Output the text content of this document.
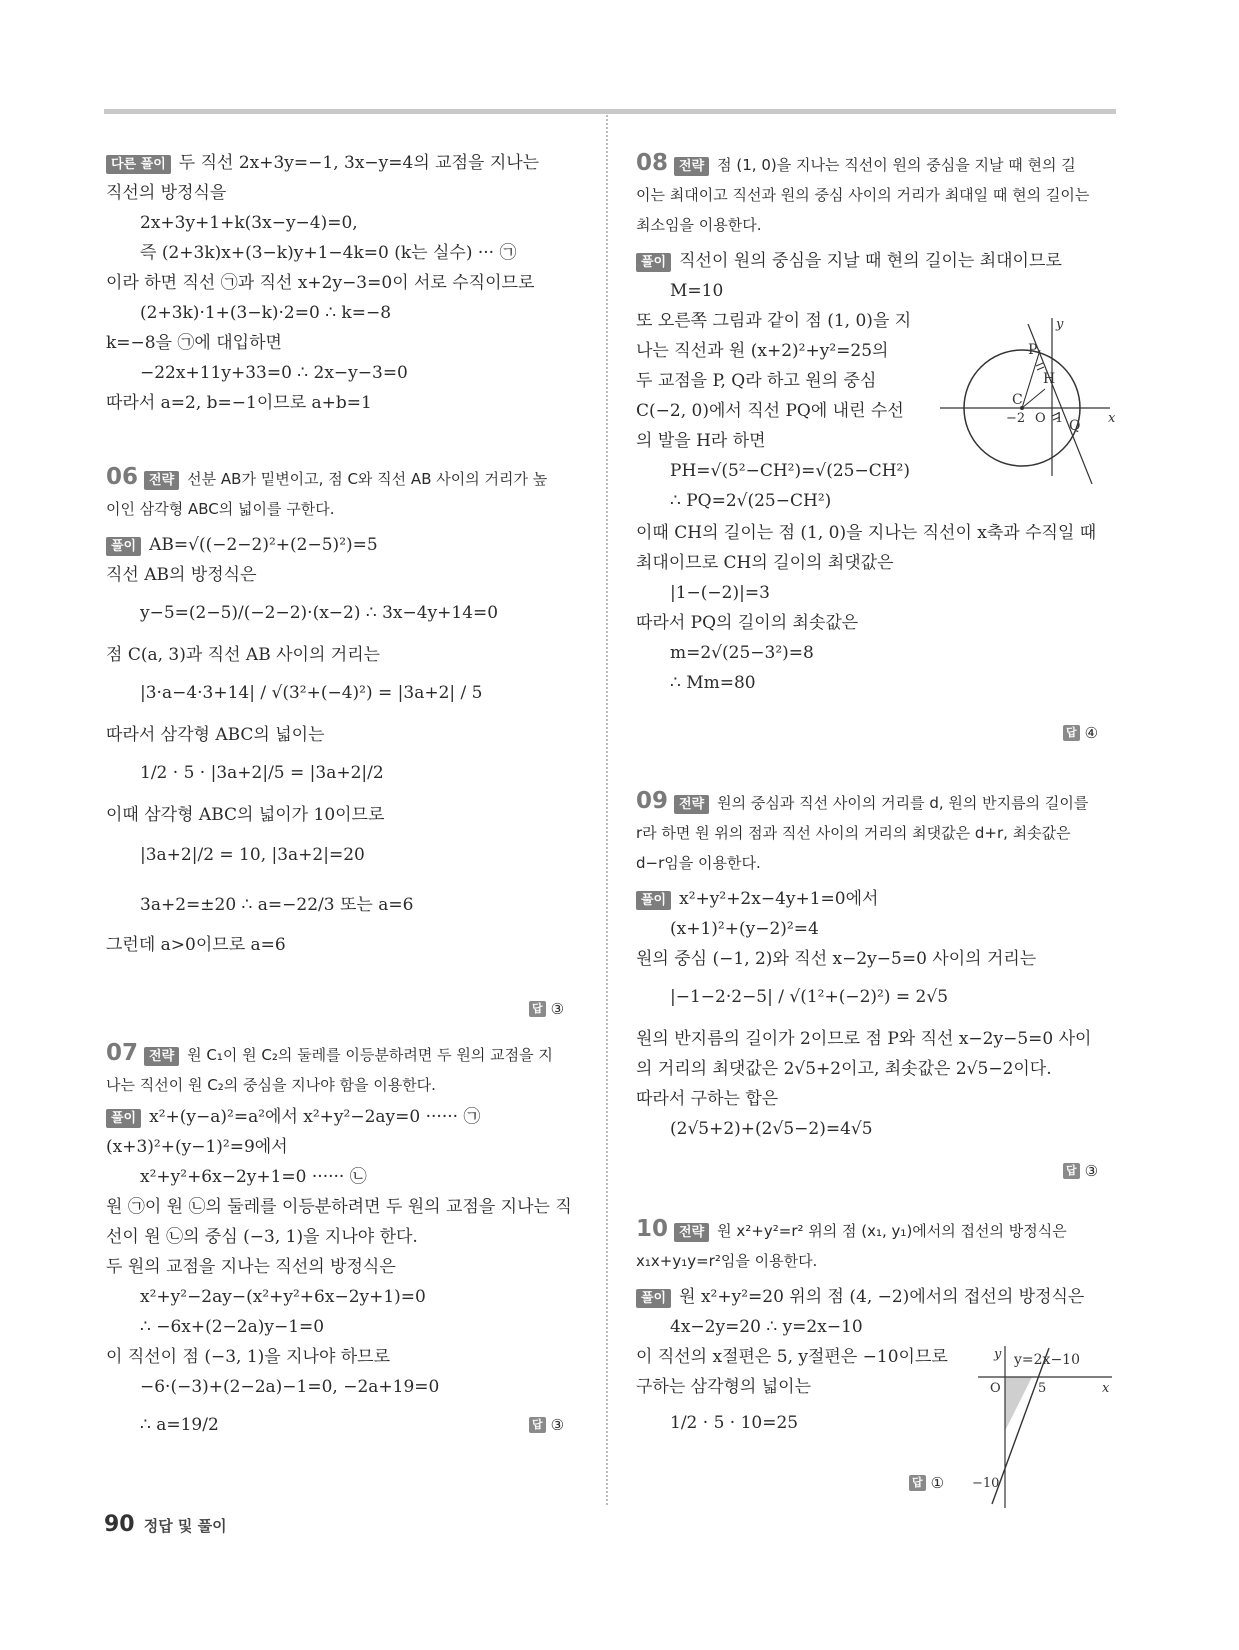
다른 풀이 두 직선 2x+3y=−1, 3x−y=4의 교점을 지나는
직선의 방정식을
2x+3y+1+k(3x−y−4)=0,
즉 (2+3k)x+(3−k)y+1−4k=0 (k는 실수) ··· ㉠
이라 하면 직선 ㉠과 직선 x+2y−3=0이 서로 수직이므로
(2+3k)·1+(3−k)·2=0 ∴ k=−8
k=−8을 ㉠에 대입하면
−22x+11y+33=0 ∴ 2x−y−3=0
따라서 a=2, b=−1이므로 a+b=1
06 전략 선분 AB가 밑변이고, 점 C와 직선 AB 사이의 거리가 높
이인 삼각형 ABC의 넓이를 구한다.
풀이 AB=√((−2−2)²+(2−5)²)=5
직선 AB의 방정식은
y−5=(2−5)/(−2−2)·(x−2) ∴ 3x−4y+14=0
점 C(a, 3)과 직선 AB 사이의 거리는
|3·a−4·3+14| / √(3²+(−4)²) = |3a+2| / 5
따라서 삼각형 ABC의 넓이는
1/2 · 5 · |3a+2|/5 = |3a+2|/2
이때 삼각형 ABC의 넓이가 10이므로
|3a+2|/2 = 10, |3a+2|=20
3a+2=±20 ∴ a=−22/3 또는 a=6
그런데 a>0이므로 a=6
07 전략 원 C₁이 원 C₂의 둘레를 이등분하려면 두 원의 교점을 지
나는 직선이 원 C₂의 중심을 지나야 함을 이용한다.
풀이 x²+(y−a)²=a²에서 x²+y²−2ay=0 ······ ㉠
(x+3)²+(y−1)²=9에서
x²+y²+6x−2y+1=0 ······ ㉡
원 ㉠이 원 ㉡의 둘레를 이등분하려면 두 원의 교점을 지나는 직
선이 원 ㉡의 중심 (−3, 1)을 지나야 한다.
두 원의 교점을 지나는 직선의 방정식은
x²+y²−2ay−(x²+y²+6x−2y+1)=0
∴ −6x+(2−2a)y−1=0
이 직선이 점 (−3, 1)을 지나야 하므로
−6·(−3)+(2−2a)−1=0, −2a+19=0
∴ a=19/2
답 ③
답 ③
08 전략 점 (1, 0)을 지나는 직선이 원의 중심을 지날 때 현의 길
이는 최대이고 직선과 원의 중심 사이의 거리가 최대일 때 현의 길이는
최소임을 이용한다.
풀이 직선이 원의 중심을 지날 때 현의 길이는 최대이므로
M=10
또 오른쪽 그림과 같이 점 (1, 0)을 지
나는 직선과 원 (x+2)²+y²=25의
두 교점을 P, Q라 하고 원의 중심
C(−2, 0)에서 직선 PQ에 내린 수선
의 발을 H라 하면
PH=√(5²−CH²)=√(25−CH²)
∴ PQ=2√(25−CH²)
이때 CH의 길이는 점 (1, 0)을 지나는 직선이 x축과 수직일 때
최대이므로 CH의 길이의 최댓값은
|1−(−2)|=3
따라서 PQ의 길이의 최솟값은
m=2√(25−3²)=8
∴ Mm=80
09 전략 원의 중심과 직선 사이의 거리를 d, 원의 반지름의 길이를
r라 하면 원 위의 점과 직선 사이의 거리의 최댓값은 d+r, 최솟값은
d−r임을 이용한다.
풀이 x²+y²+2x−4y+1=0에서
(x+1)²+(y−2)²=4
원의 중심 (−1, 2)와 직선 x−2y−5=0 사이의 거리는
|−1−2·2−5| / √(1²+(−2)²) = 2√5
원의 반지름의 길이가 2이므로 점 P와 직선 x−2y−5=0 사이
의 거리의 최댓값은 2√5+2이고, 최솟값은 2√5−2이다.
따라서 구하는 합은
(2√5+2)+(2√5−2)=4√5
10 전략 원 x²+y²=r² 위의 점 (x₁, y₁)에서의 접선의 방정식은
x₁x+y₁y=r²임을 이용한다.
풀이 원 x²+y²=20 위의 점 (4, −2)에서의 접선의 방정식은
4x−2y=20 ∴ y=2x−10
이 직선의 x절편은 5, y절편은 −10이므로
구하는 삼각형의 넓이는
1/2 · 5 · 10=25
답 ④
답 ③
답 ①
P
Q
C
H
O
−2 1	x
y
y=2x−10
O	5
−10
x
y
90 정답 및 풀이
